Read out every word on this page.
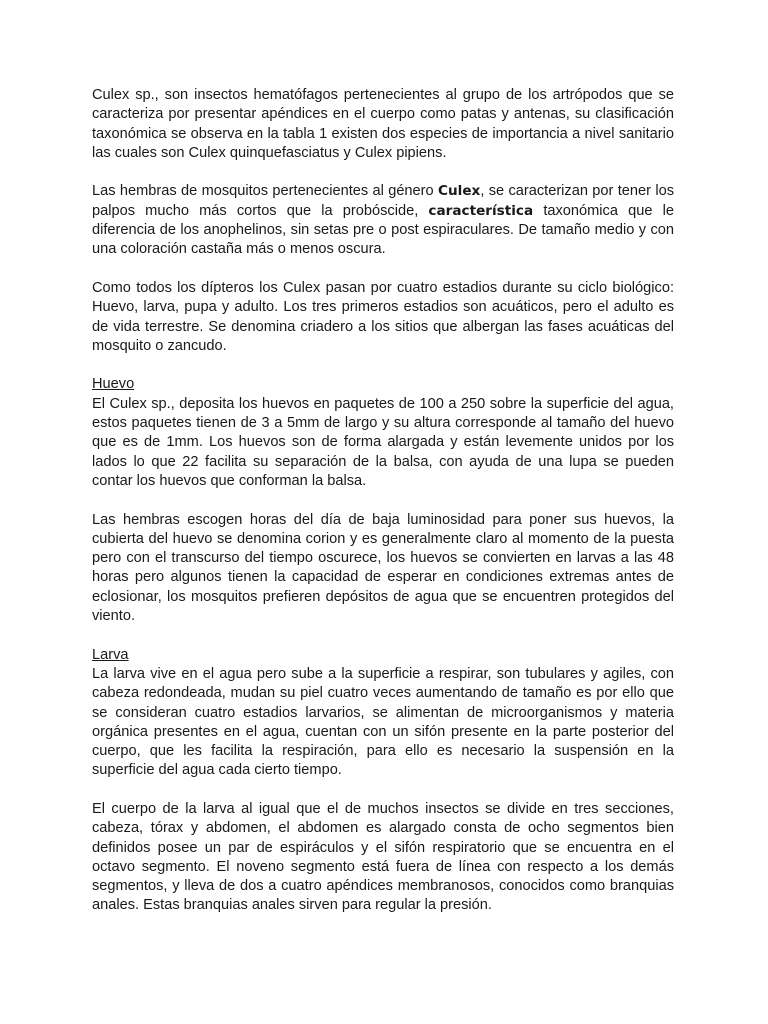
Culex sp., son insectos hematófagos pertenecientes al grupo de los artrópodos que se caracteriza por presentar apéndices en el cuerpo como patas y antenas, su clasificación taxonómica se observa en la tabla 1 existen dos especies de importancia a nivel sanitario las cuales son Culex quinquefasciatus y Culex pipiens.

Las hembras de mosquitos pertenecientes al género Culex, se caracterizan por tener los palpos mucho más cortos que la probóscide, característica taxonómica que le diferencia de los anophelinos, sin setas pre o post espiraculares. De tamaño medio y con una coloración castaña más o menos oscura.

Como todos los dípteros los Culex pasan por cuatro estadios durante su ciclo biológico: Huevo, larva, pupa y adulto. Los tres primeros estadios son acuáticos, pero el adulto es de vida terrestre. Se denomina criadero a los sitios que albergan las fases acuáticas del mosquito o zancudo.

Huevo

El Culex sp., deposita los huevos en paquetes de 100 a 250 sobre la superficie del agua, estos paquetes tienen de 3 a 5mm de largo y su altura corresponde al tamaño del huevo que es de 1mm. Los huevos son de forma alargada y están levemente unidos por los lados lo que 22 facilita su separación de la balsa, con ayuda de una lupa se pueden contar los huevos que conforman la balsa.

Las hembras escogen horas del día de baja luminosidad para poner sus huevos, la cubierta del huevo se denomina corion y es generalmente claro al momento de la puesta pero con el transcurso del tiempo oscurece, los huevos se convierten en larvas a las 48 horas pero algunos tienen la capacidad de esperar en condiciones extremas antes de eclosionar, los mosquitos prefieren depósitos de agua que se encuentren protegidos del viento.

Larva

La larva vive en el agua pero sube a la superficie a respirar, son tubulares y agiles, con cabeza redondeada, mudan su piel cuatro veces aumentando de tamaño es por ello que se consideran cuatro estadios larvarios, se alimentan de microorganismos y materia orgánica presentes en el agua, cuentan con un sifón presente en la parte posterior del cuerpo, que les facilita la respiración, para ello es necesario la suspensión en la superficie del agua cada cierto tiempo.

El cuerpo de la larva al igual que el de muchos insectos se divide en tres secciones, cabeza, tórax y abdomen, el abdomen es alargado consta de ocho segmentos bien definidos posee un par de espiráculos y el sifón respiratorio que se encuentra en el octavo segmento. El noveno segmento está fuera de línea con respecto a los demás segmentos, y lleva de dos a cuatro apéndices membranosos, conocidos como branquias anales. Estas branquias anales sirven para regular la presión.
